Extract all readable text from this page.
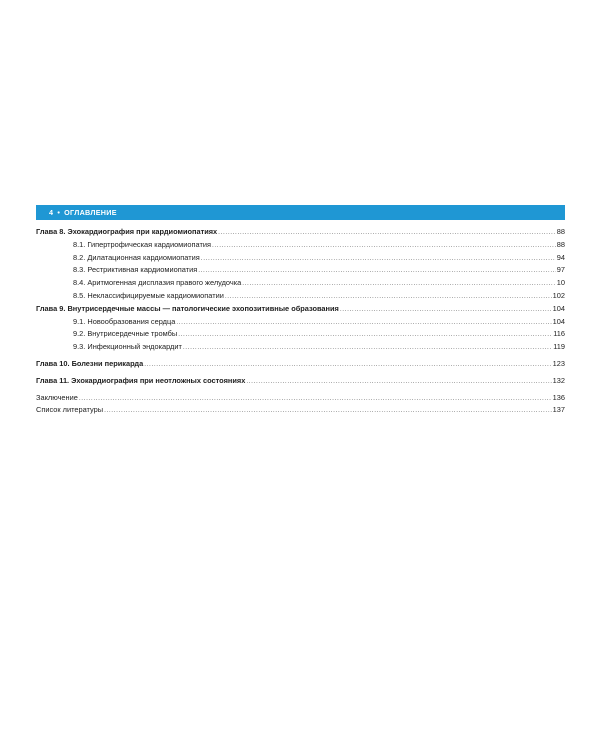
4 • ОГЛАВЛЕНИЕ
Глава 8. Эхокардиография при кардиомиопатиях . . .	88
8.1. Гипертрофическая кардиомиопатия . . .	88
8.2. Дилатационная кардиомиопатия . . .	94
8.3. Рестриктивная кардиомиопатия . . .	97
8.4. Аритмогенная дисплазия правого желудочка . . .	10
8.5. Неклассифицируемые кардиомиопатии . . .	102
Глава 9. Внутрисердечные массы — патологические эхопозитивные образования . . .	104
9.1. Новообразования сердца . . .	104
9.2. Внутрисердечные тромбы . . .	116
9.3. Инфекционный эндокардит . . .	119
Глава 10. Болезни перикарда . . .	123
Глава 11. Эхокардиография при неотложных состояниях . . .	132
Заключение . . .	136
Список литературы . . .	137
